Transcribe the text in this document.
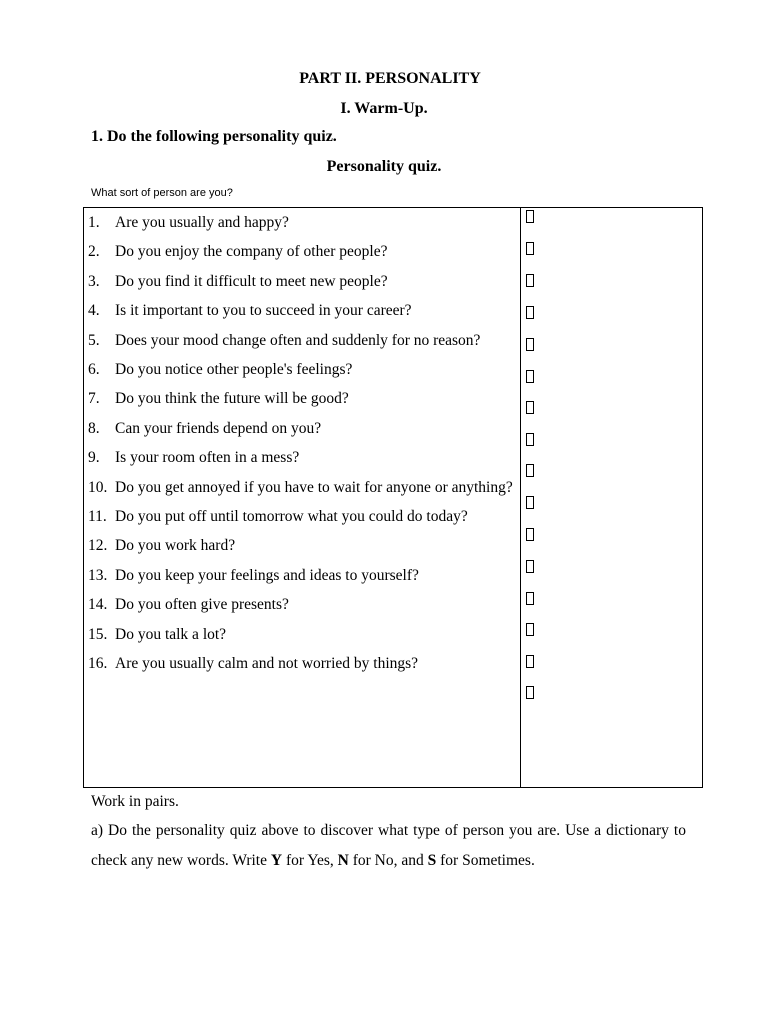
PART II. PERSONALITY

I. Warm-Up.

1. Do the following personality quiz.

Personality quiz.

What sort of person are you?

1. Are you usually and happy?
2. Do you enjoy the company of other people?
3. Do you find it difficult to meet new people?
4. Is it important to you to succeed in your career?
5. Does your mood change often and suddenly for no reason?
6. Do you notice other people's feelings?
7. Do you think the future will be good?
8. Can your friends depend on you?
9. Is your room often in a mess?
10. Do you get annoyed if you have to wait for anyone or anything?
11. Do you put off until tomorrow what you could do today?
12. Do you work hard?
13. Do you keep your feelings and ideas to yourself?
14. Do you often give presents?
15. Do you talk a lot?
16. Are you usually calm and not worried by things?

Work in pairs.

a) Do the personality quiz above to discover what type of person you are. Use a dictionary to check any new words. Write Y for Yes, N for No, and S for Sometimes.
